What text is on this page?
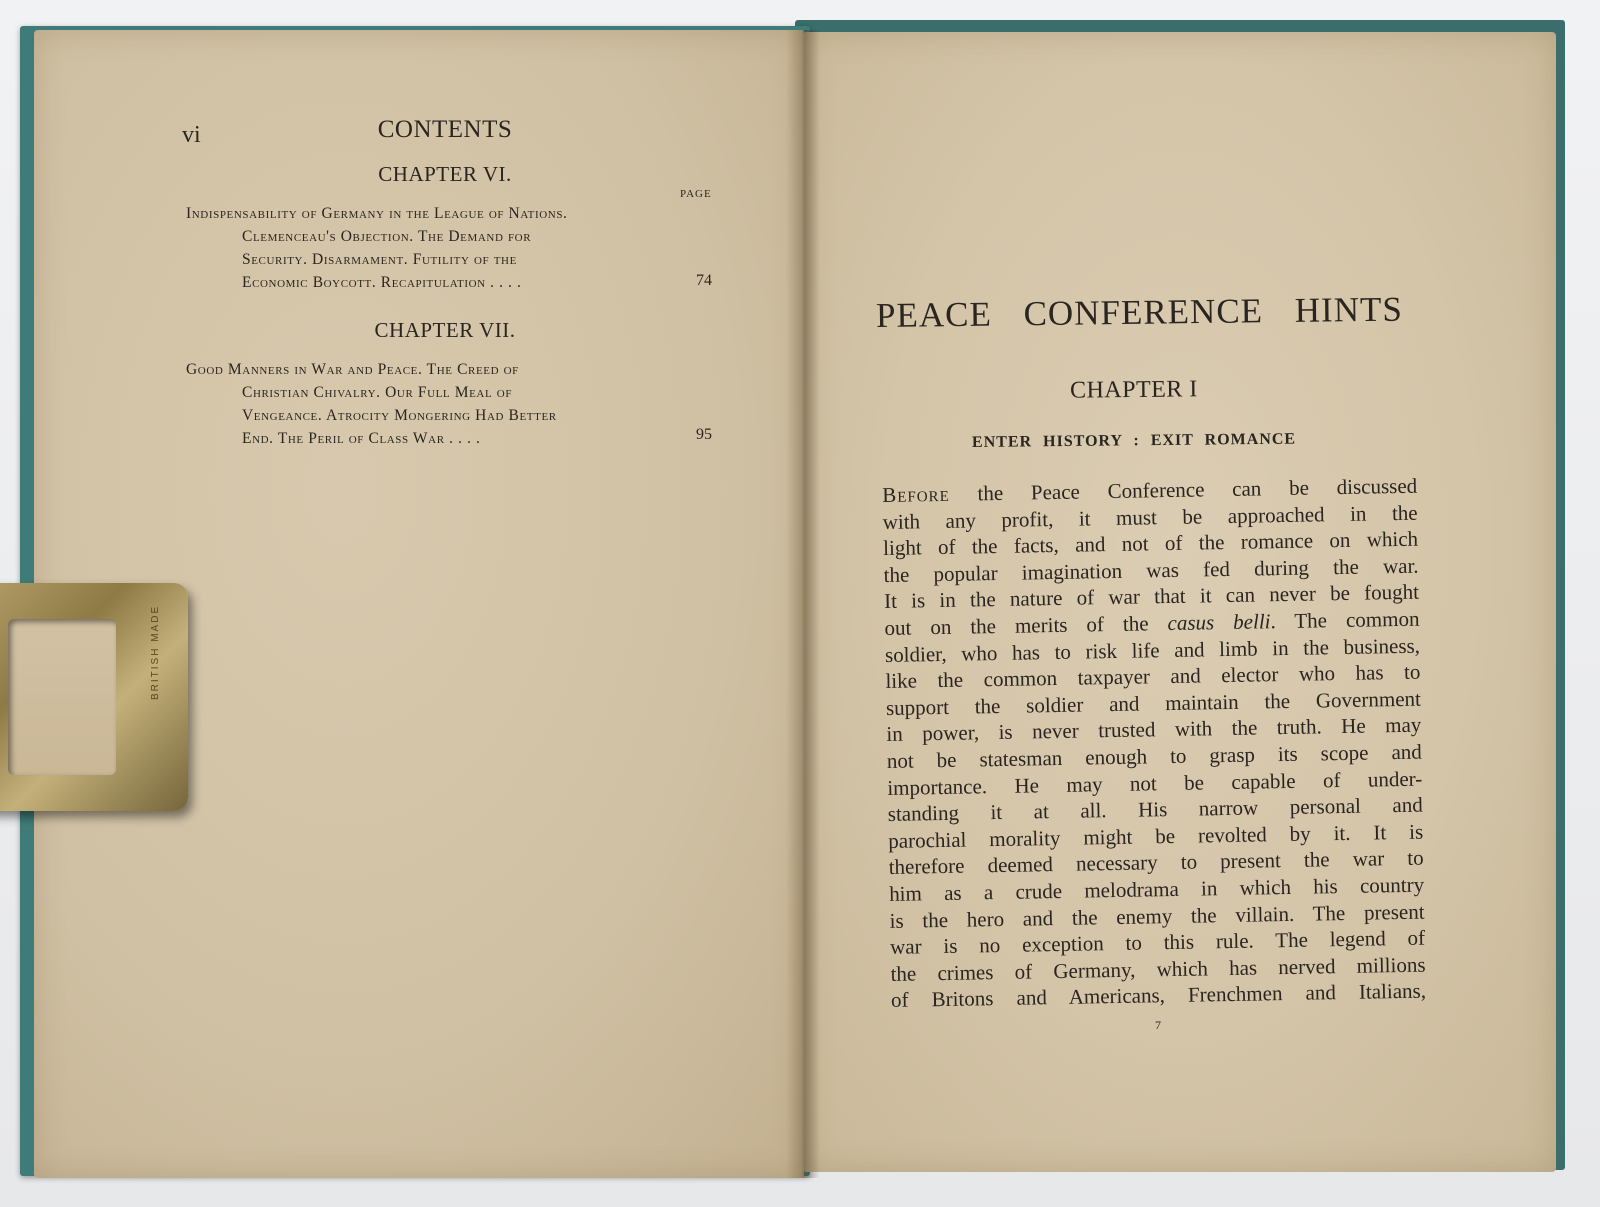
vi	CONTENTS
CHAPTER VI.
PAGE
Indispensability of Germany in the League of Nations.
Clemenceau's Objection. The Demand for
Security. Disarmament. Futility of the
Economic Boycott. Recapitulation . . . .	74
CHAPTER VII.
Good Manners in War and Peace. The Creed of
Christian Chivalry. Our Full Meal of
Vengeance. Atrocity Mongering Had Better
End. The Peril of Class War . . . .	95
PEACE CONFERENCE HINTS
CHAPTER I
ENTER HISTORY : EXIT ROMANCE
Before the Peace Conference can be discussed
with any profit, it must be approached in the
light of the facts, and not of the romance on which
the popular imagination was fed during the war.
It is in the nature of war that it can never be fought
out on the merits of the casus belli. The common
soldier, who has to risk life and limb in the business,
like the common taxpayer and elector who has to
support the soldier and maintain the Government
in power, is never trusted with the truth. He may
not be statesman enough to grasp its scope and
importance. He may not be capable of under-
standing it at all. His narrow personal and
parochial morality might be revolted by it. It is
therefore deemed necessary to present the war to
him as a crude melodrama in which his country
is the hero and the enemy the villain. The present
war is no exception to this rule. The legend of
the crimes of Germany, which has nerved millions
of Britons and Americans, Frenchmen and Italians,
7
BRITISH MADE
